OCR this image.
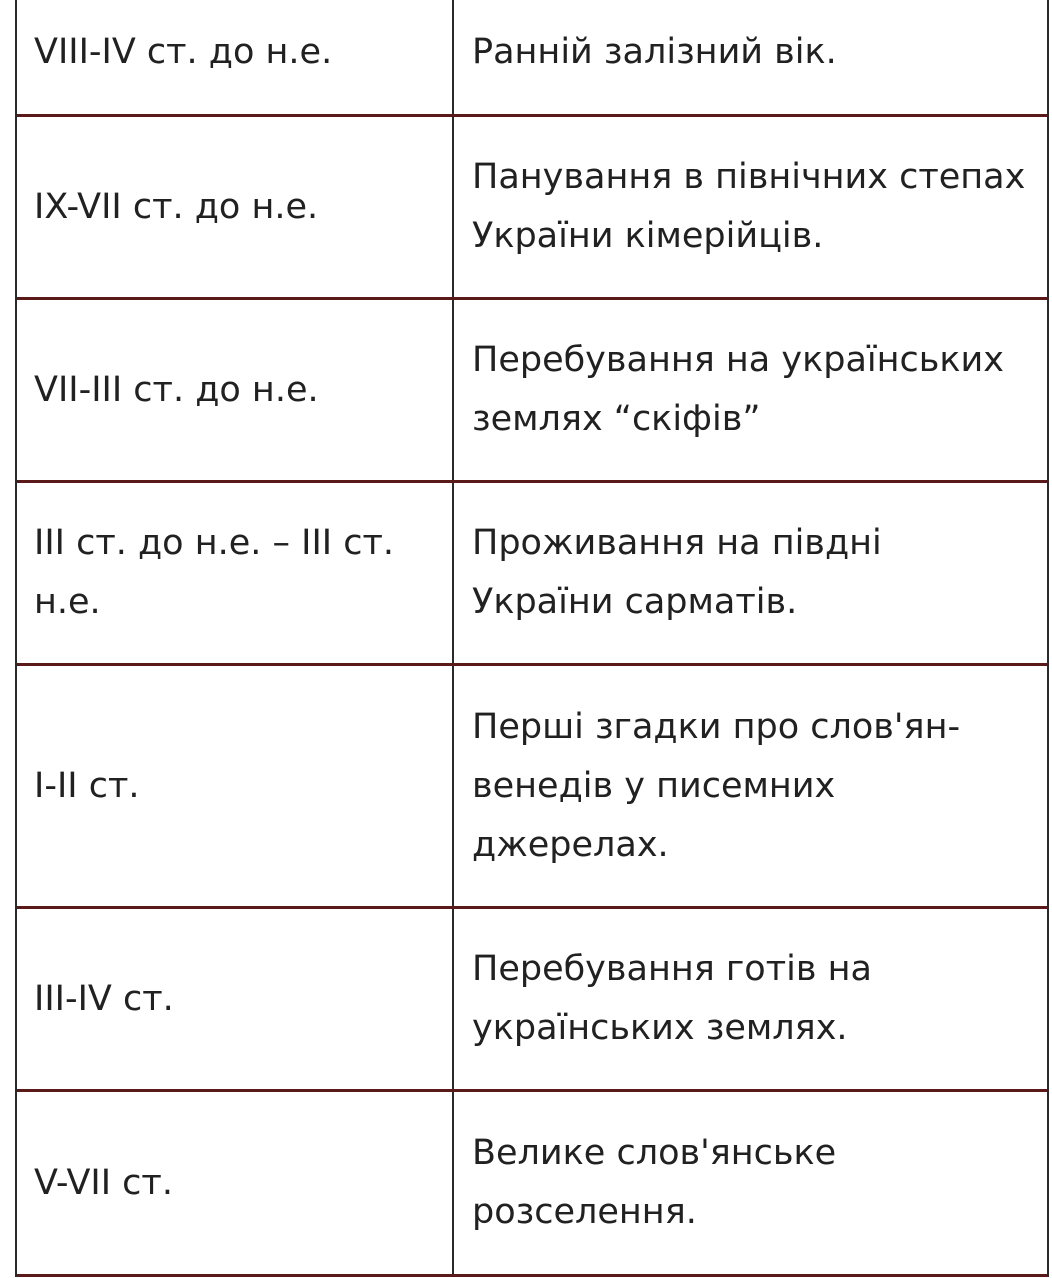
VIII-IV ст. до н.е.	Ранній залізний вік.
IX-VII ст. до н.е.
Панування в північних степах України кімерійців.
VII-III ст. до н.е.
Перебування на українських землях “скіфів”
III ст. до н.е. – III ст. н.е.
Проживання на півдні України сарматів.
I-II ст.
Перші згадки про слов'ян-венедів у писемних джерелах.
III-IV ст.
Перебування готів на українських землях.
V-VII ст.
Велике слов'янське розселення.
